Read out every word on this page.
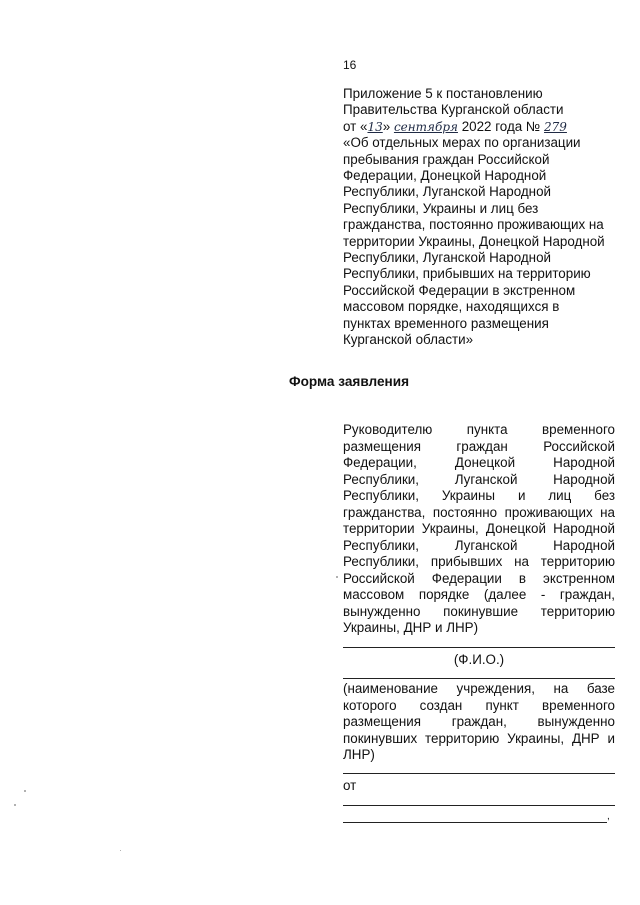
16
Приложение 5 к постановлению
Правительства Курганской области
от «13» сентября 2022 года № 279
«Об отдельных мерах по организации
пребывания граждан Российской
Федерации, Донецкой Народной
Республики, Луганской Народной
Республики, Украины и лиц без
гражданства, постоянно проживающих на
территории Украины, Донецкой Народной
Республики, Луганской Народной
Республики, прибывших на территорию
Российской Федерации в экстренном
массовом порядке, находящихся в
пунктах временного размещения
Курганской области»
Форма заявления
Руководителю пункта временного размещения граждан Российской Федерации, Донецкой Народной Республики, Луганской Народной Республики, Украины и лиц без гражданства, постоянно проживающих на территории Украины, Донецкой Народной Республики, Луганской Народной Республики, прибывших на территорию Российской Федерации в экстренном массовом порядке (далее - граждан, вынужденно покинувшие территорию Украины, ДНР и ЛНР)
(Ф.И.О.)
(наименование учреждения, на базе которого создан пункт временного размещения граждан, вынужденно покинувших территорию Украины, ДНР и ЛНР)
от
,
